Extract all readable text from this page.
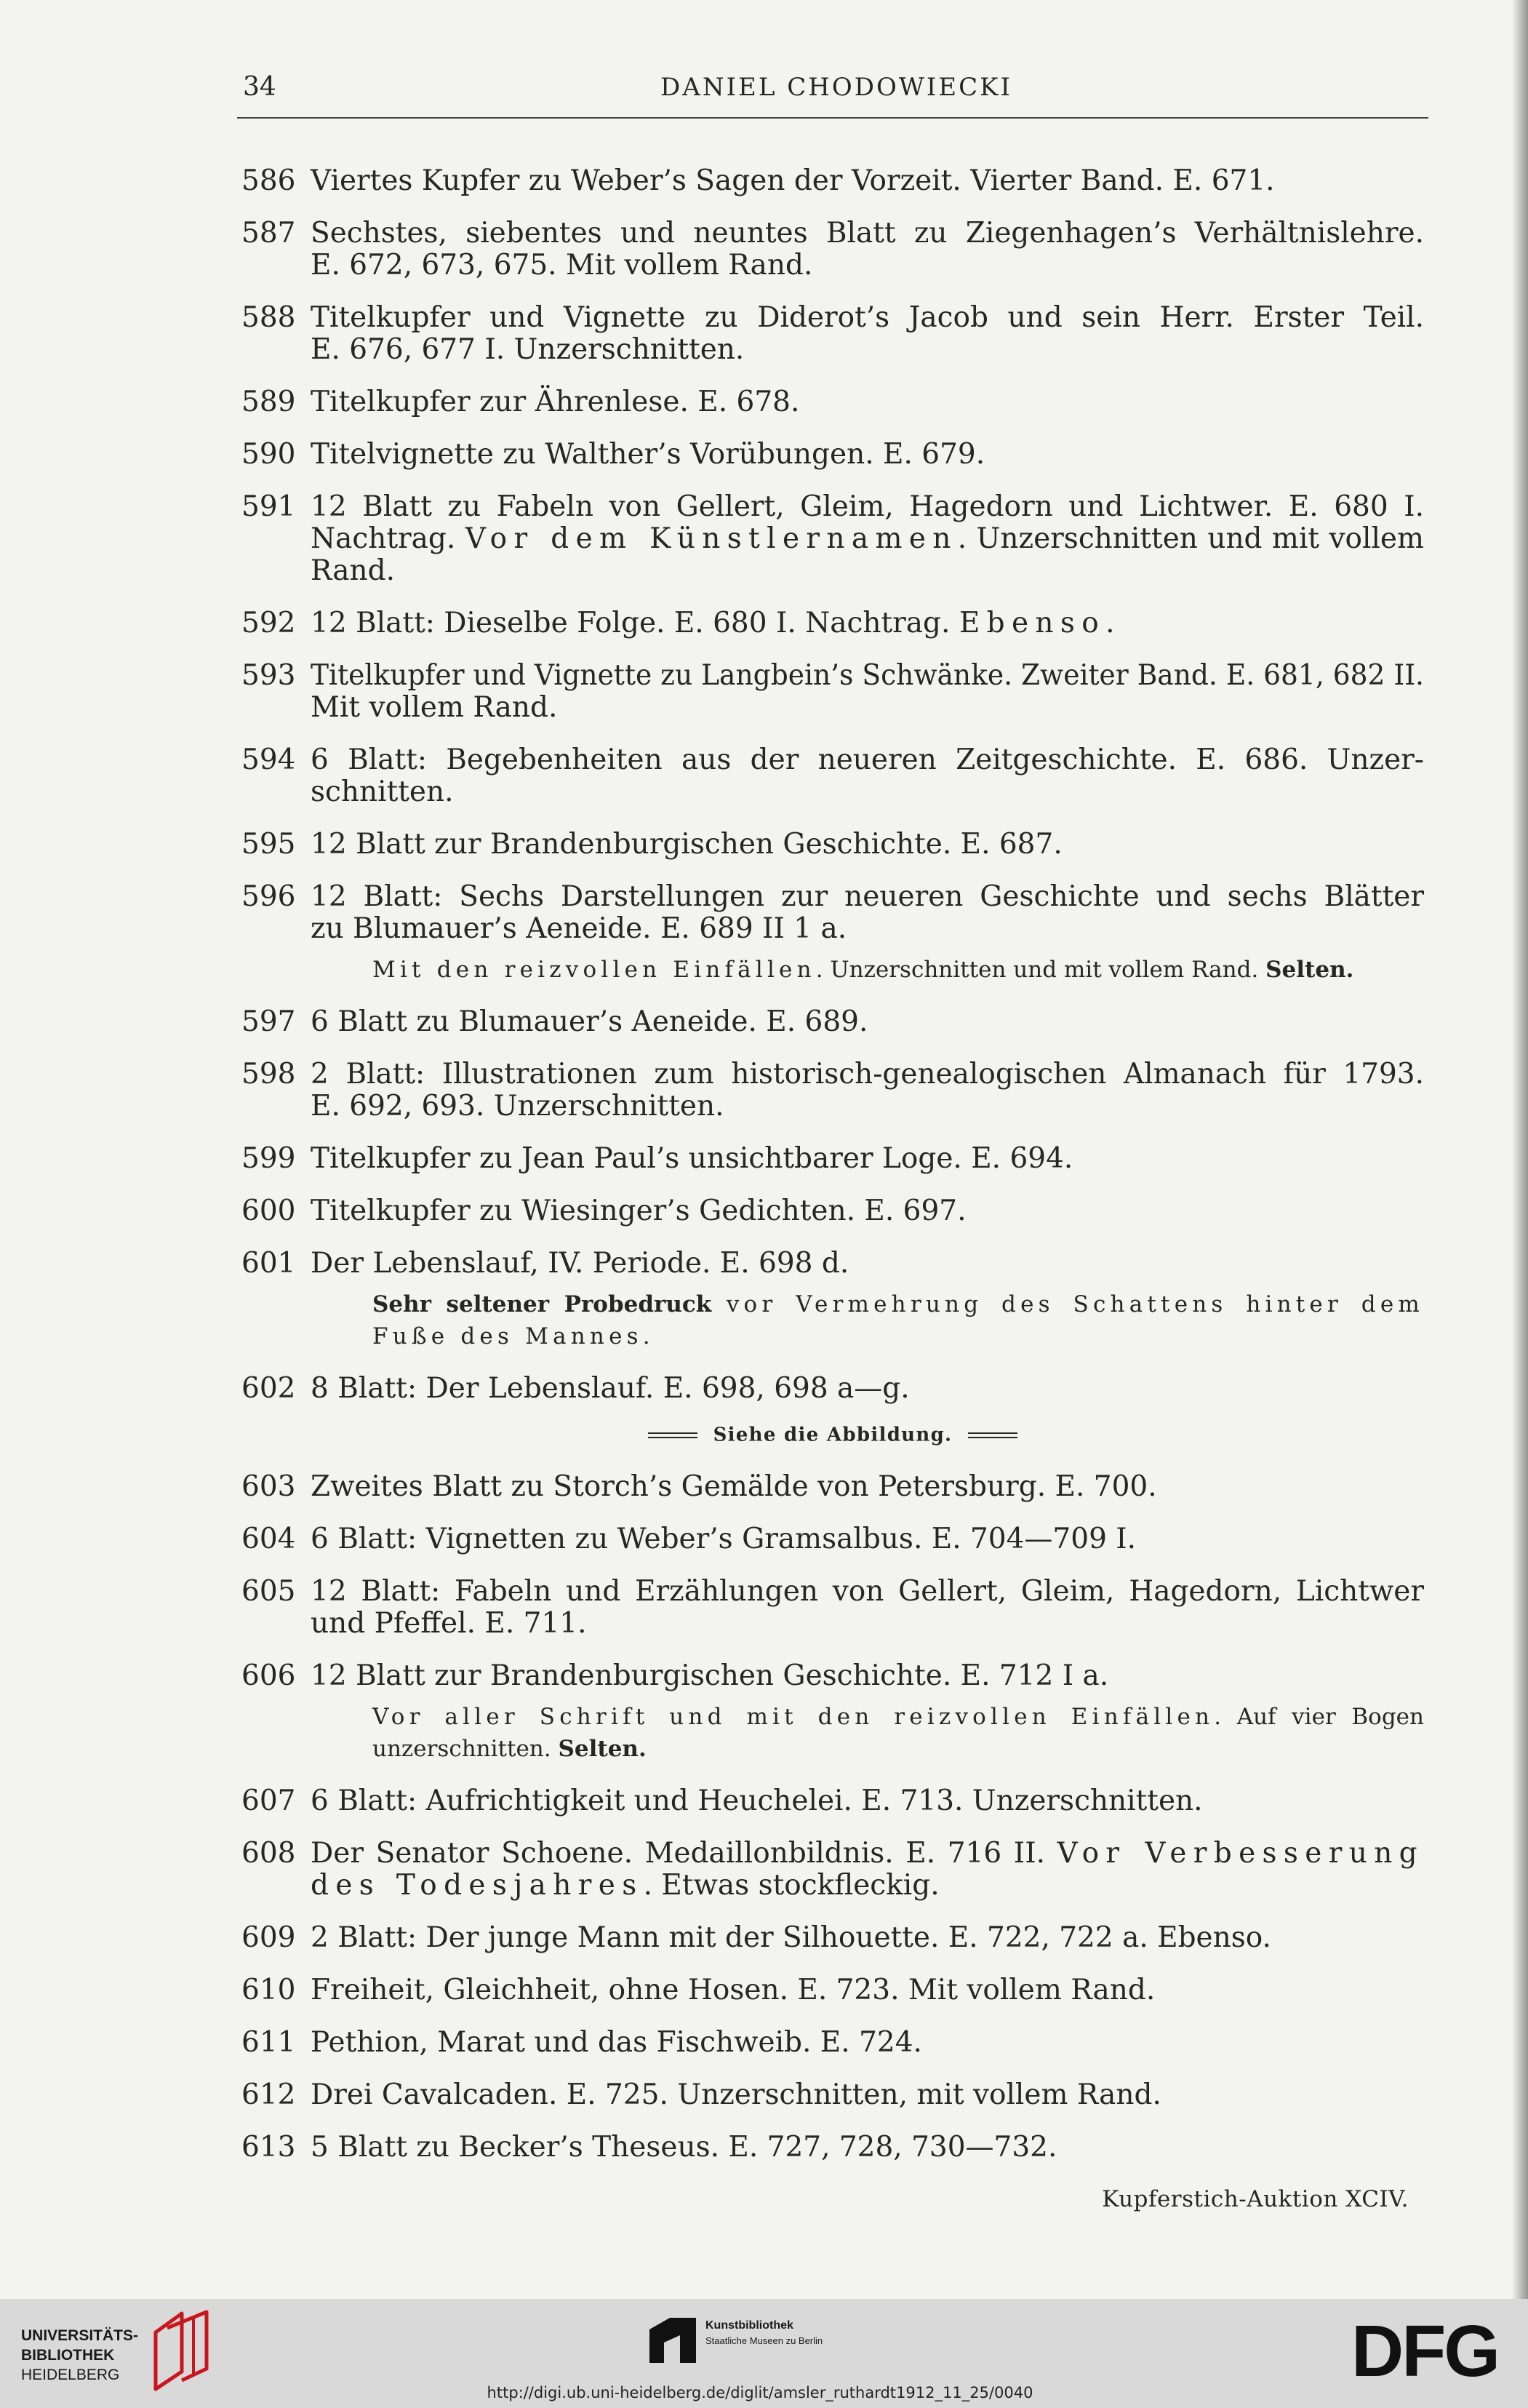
34	DANIEL CHODOWIECKI
586 Viertes Kupfer zu Weber’s Sagen der Vorzeit. Vierter Band. E. 671.
587 Sechstes, siebentes und neuntes Blatt zu Ziegenhagen’s Verhältnislehre.
E. 672, 673, 675. Mit vollem Rand.
588 Titelkupfer und Vignette zu Diderot’s Jacob und sein Herr. Erster Teil.
E. 676, 677 I. Unzerschnitten.
589 Titelkupfer zur Ährenlese. E. 678.
590 Titelvignette zu Walther’s Vorübungen. E. 679.
591 12 Blatt zu Fabeln von Gellert, Gleim, Hagedorn und Lichtwer. E. 680 I.
Nachtrag. Vor dem Künstlernamen. Unzerschnitten und mit vollem
Rand.
592 12 Blatt: Dieselbe Folge. E. 680 I. Nachtrag. Ebenso.
593 Titelkupfer und Vignette zu Langbein’s Schwänke. Zweiter Band. E. 681, 682 II.
Mit vollem Rand.
594 6 Blatt: Begebenheiten aus der neueren Zeitgeschichte. E. 686. Unzer-
schnitten.
595 12 Blatt zur Brandenburgischen Geschichte. E. 687.
596 12 Blatt: Sechs Darstellungen zur neueren Geschichte und sechs Blätter
zu Blumauer’s Aeneide. E. 689 II 1 a.
Mit den reizvollen Einfällen. Unzerschnitten und mit vollem Rand. Selten.
597 6 Blatt zu Blumauer’s Aeneide. E. 689.
598 2 Blatt: Illustrationen zum historisch-genealogischen Almanach für 1793.
E. 692, 693. Unzerschnitten.
599 Titelkupfer zu Jean Paul’s unsichtbarer Loge. E. 694.
600 Titelkupfer zu Wiesinger’s Gedichten. E. 697.
601 Der Lebenslauf, IV. Periode. E. 698 d.
Sehr seltener Probedruck vor Vermehrung des Schattens hinter dem
Fuße des Mannes.
602 8 Blatt: Der Lebenslauf. E. 698, 698 a—g.
Siehe die Abbildung.
603 Zweites Blatt zu Storch’s Gemälde von Petersburg. E. 700.
604 6 Blatt: Vignetten zu Weber’s Gramsalbus. E. 704—709 I.
605 12 Blatt: Fabeln und Erzählungen von Gellert, Gleim, Hagedorn, Lichtwer
und Pfeffel. E. 711.
606 12 Blatt zur Brandenburgischen Geschichte. E. 712 I a.
Vor aller Schrift und mit den reizvollen Einfällen. Auf vier Bogen
unzerschnitten. Selten.
607 6 Blatt: Aufrichtigkeit und Heuchelei. E. 713. Unzerschnitten.
608 Der Senator Schoene. Medaillonbildnis. E. 716 II. Vor Verbesserung
des Todesjahres. Etwas stockfleckig.
609 2 Blatt: Der junge Mann mit der Silhouette. E. 722, 722 a. Ebenso.
610 Freiheit, Gleichheit, ohne Hosen. E. 723. Mit vollem Rand.
611 Pethion, Marat und das Fischweib. E. 724.
612 Drei Cavalcaden. E. 725. Unzerschnitten, mit vollem Rand.
613 5 Blatt zu Becker’s Theseus. E. 727, 728, 730—732.
Kupferstich-Auktion XCIV.
UNIVERSITÄTS-
BIBLIOTHEK
HEIDELBERG
Kunstbibliothek
Staatliche Museen zu Berlin	DFG
http://digi.ub.uni-heidelberg.de/diglit/amsler_ruthardt1912_11_25/0040
